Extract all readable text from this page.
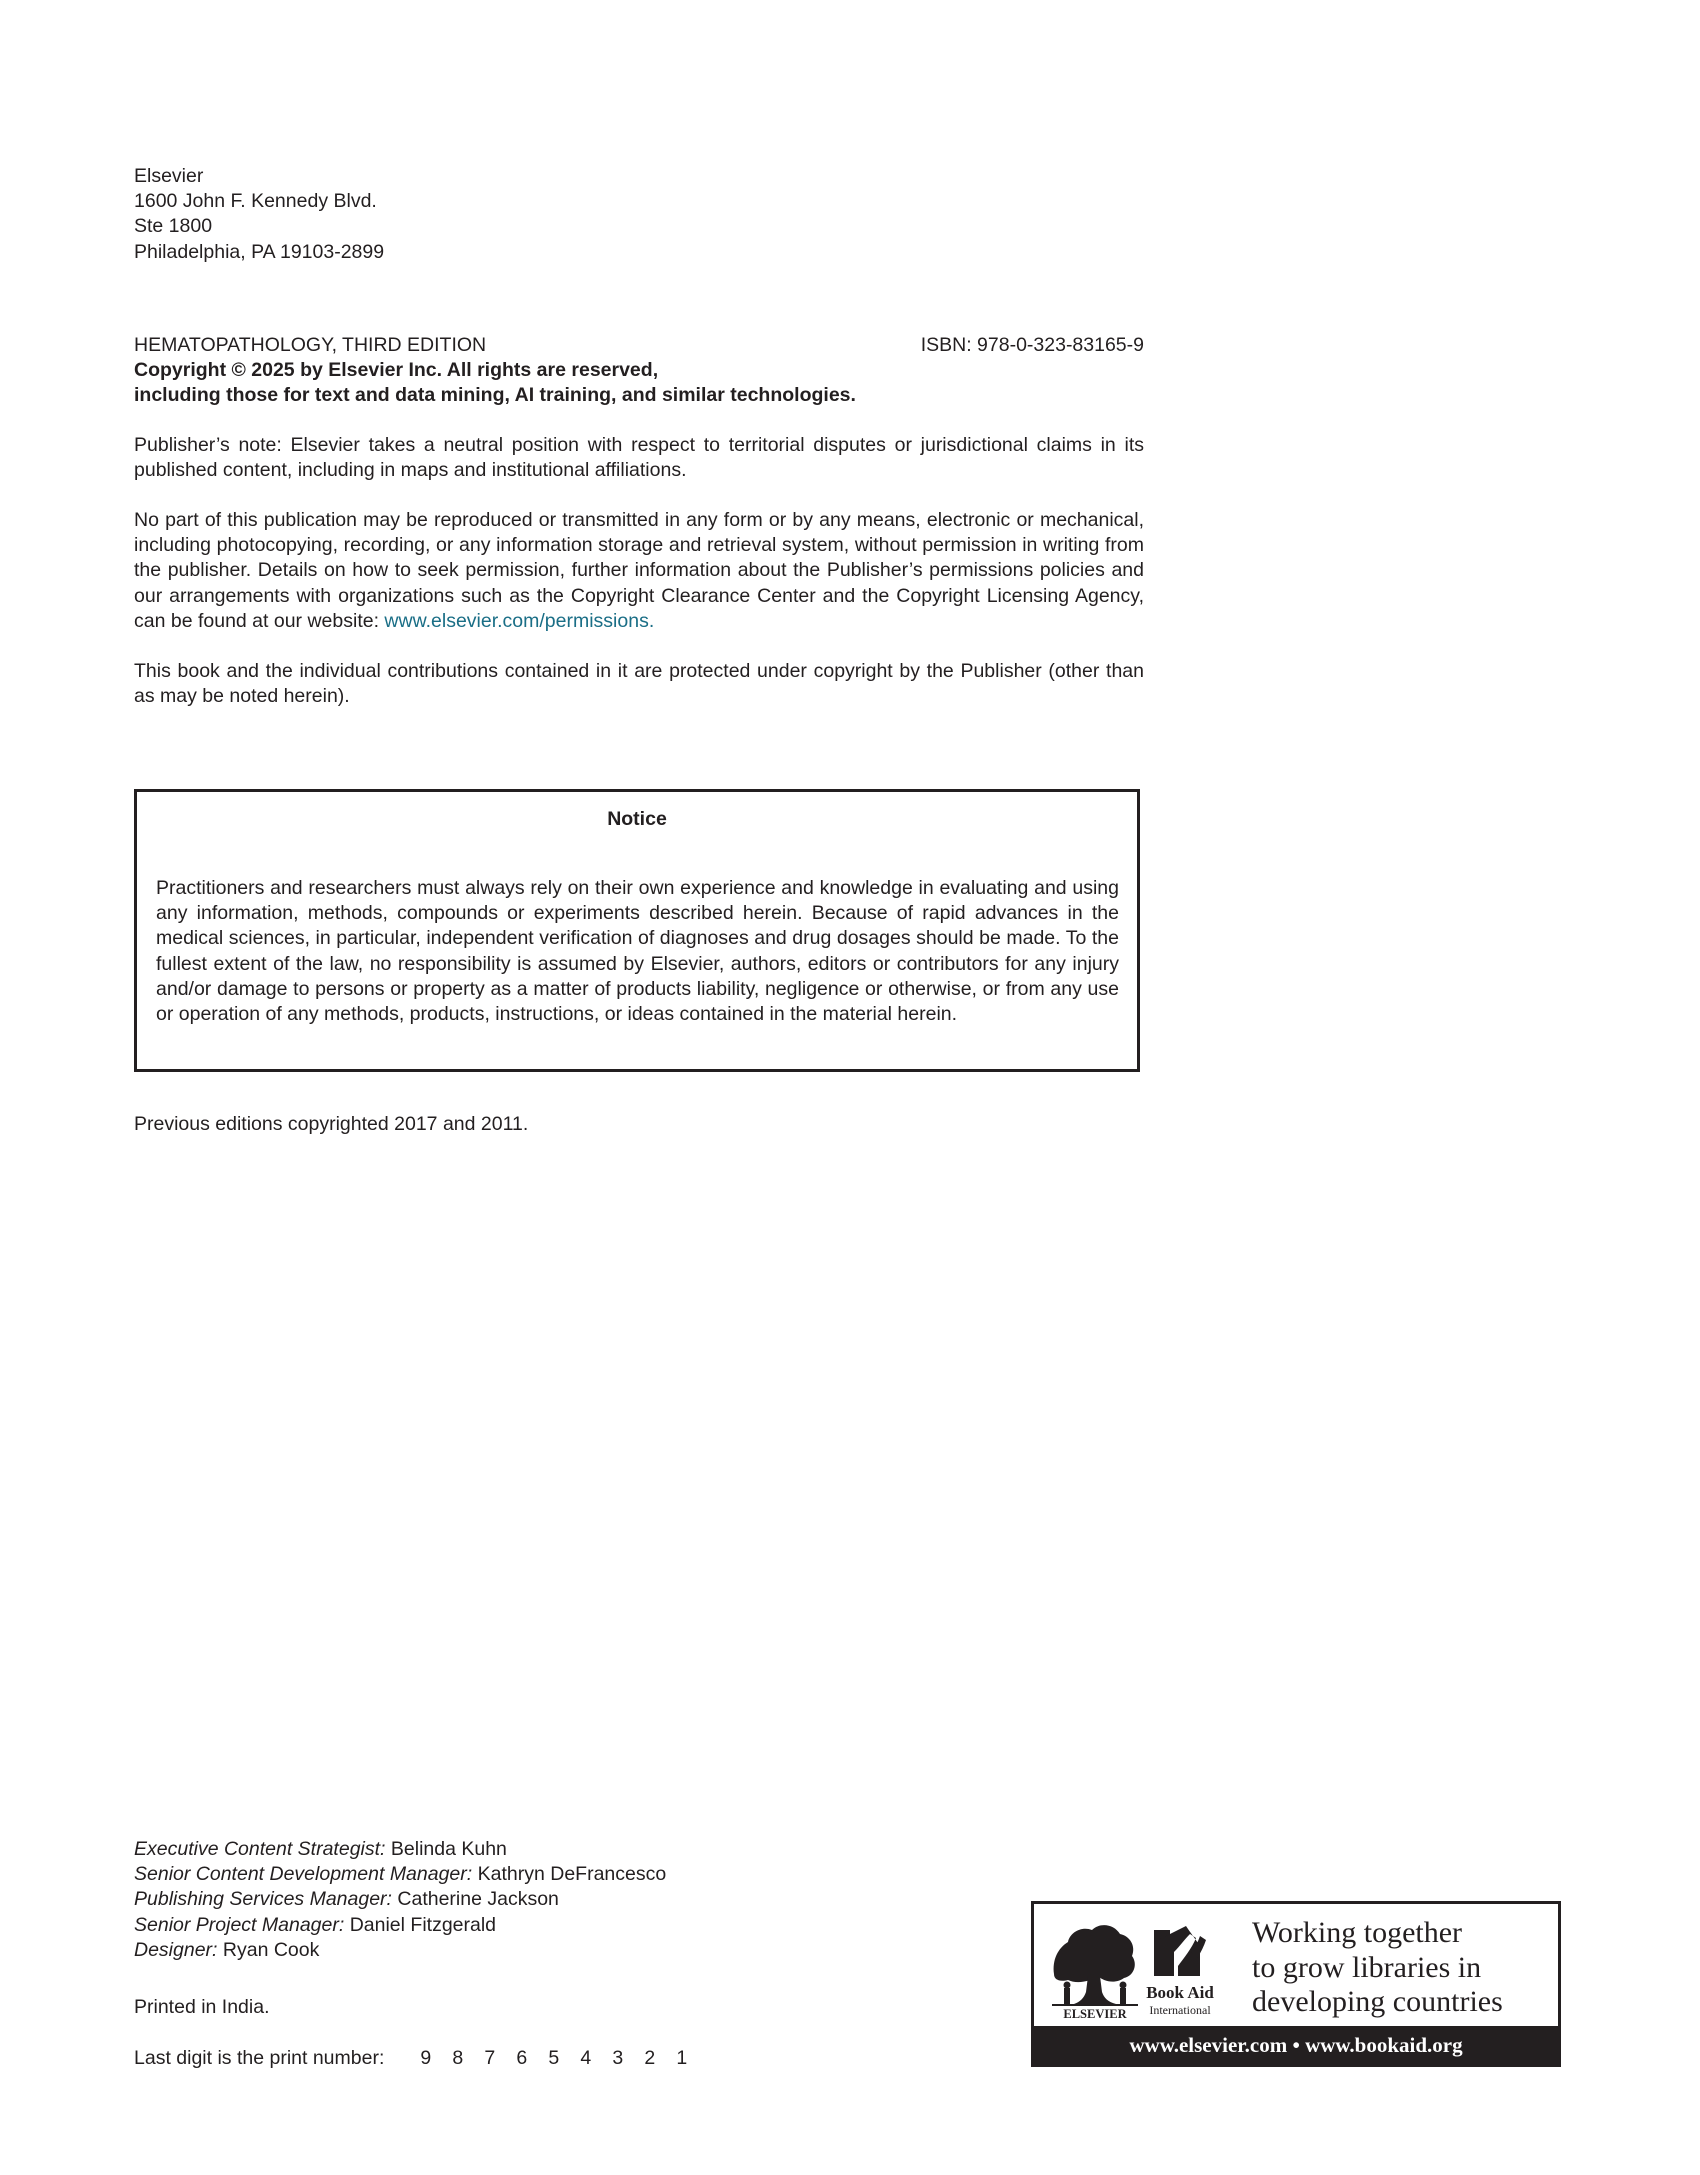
Elsevier
1600 John F. Kennedy Blvd.
Ste 1800
Philadelphia, PA 19103-2899
HEMATOPATHOLOGY, THIRD EDITION	ISBN: 978-0-323-83165-9
Copyright © 2025 by Elsevier Inc. All rights are reserved,
including those for text and data mining, AI training, and similar technologies.
Publisher’s note: Elsevier takes a neutral position with respect to territorial disputes or jurisdictional claims in its published content, including in maps and institutional affiliations.
No part of this publication may be reproduced or transmitted in any form or by any means, electronic or mechanical, including photocopying, recording, or any information storage and retrieval system, without permission in writing from the publisher. Details on how to seek permission, further information about the Publisher’s permissions policies and our arrangements with organizations such as the Copyright Clearance Center and the Copyright Licensing Agency, can be found at our website: www.elsevier.com/permissions.
This book and the individual contributions contained in it are protected under copyright by the Publisher (other than as may be noted herein).
Notice
Practitioners and researchers must always rely on their own experience and knowledge in evaluating and using any information, methods, compounds or experiments described herein. Because of rapid advances in the medical sciences, in particular, independent verification of diagnoses and drug dosages should be made. To the fullest extent of the law, no responsibility is assumed by Elsevier, authors, editors or contributors for any injury and/or damage to persons or property as a matter of products liability, negligence or otherwise, or from any use or operation of any methods, products, instructions, or ideas contained in the material herein.
Previous editions copyrighted 2017 and 2011.
Executive Content Strategist: Belinda Kuhn
Senior Content Development Manager: Kathryn DeFrancesco
Publishing Services Manager: Catherine Jackson
Senior Project Manager: Daniel Fitzgerald
Designer: Ryan Cook
Printed in India.
Last digit is the print number: 9 8 7 6 5 4 3 2 1
ELSEVIER
Book Aid
International
Working together
to grow libraries in
developing countries
www.elsevier.com • www.bookaid.org
